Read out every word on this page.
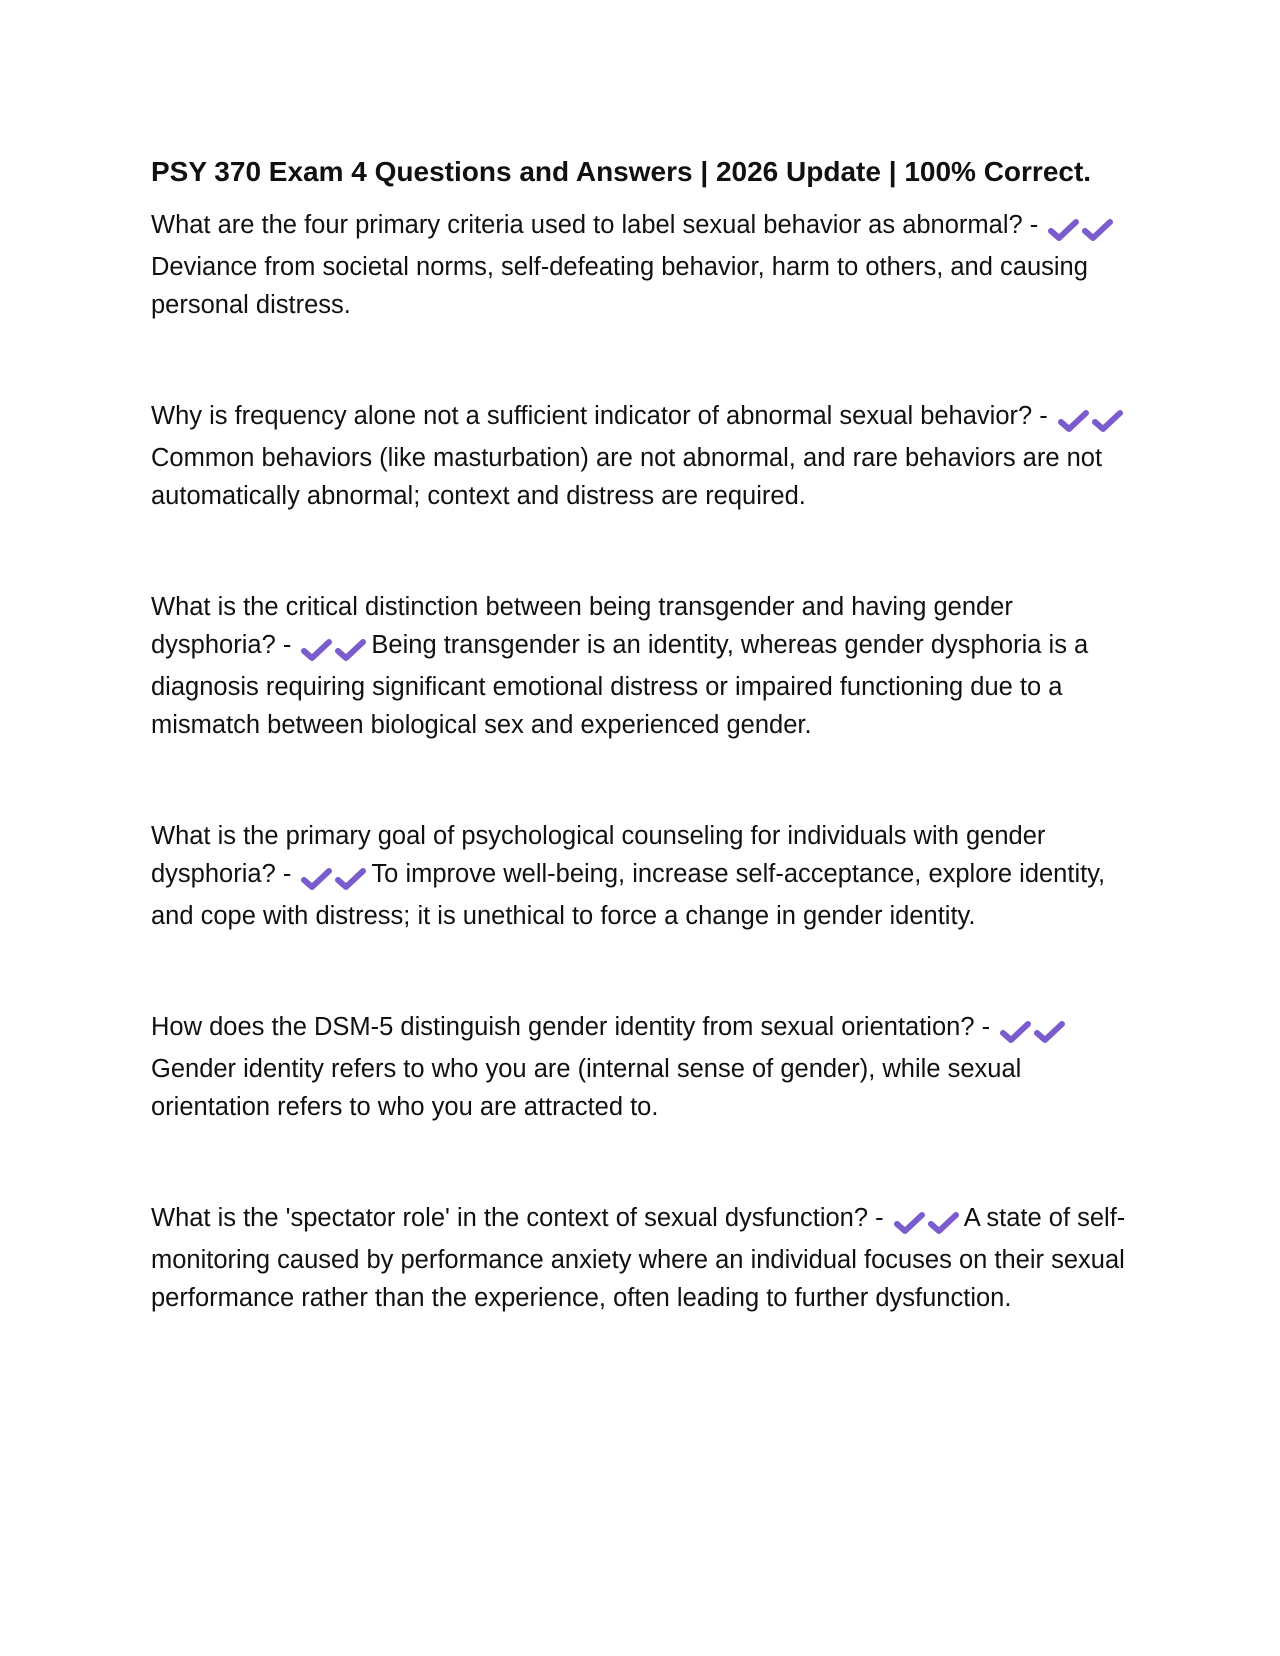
PSY 370 Exam 4 Questions and Answers | 2026 Update | 100% Correct.

What are the four primary criteria used to label sexual behavior as abnormal? -
Deviance from societal norms, self-defeating behavior, harm to others, and causing personal distress.

Why is frequency alone not a sufficient indicator of abnormal sexual behavior? -
Common behaviors (like masturbation) are not abnormal, and rare behaviors are not automatically abnormal; context and distress are required.

What is the critical distinction between being transgender and having gender dysphoria? -	Being transgender is an identity, whereas gender dysphoria is a diagnosis requiring significant emotional distress or impaired functioning due to a mismatch between biological sex and experienced gender.

What is the primary goal of psychological counseling for individuals with gender dysphoria? -	To improve well-being, increase self-acceptance, explore identity, and cope with distress; it is unethical to force a change in gender identity.

How does the DSM-5 distinguish gender identity from sexual orientation? -
Gender identity refers to who you are (internal sense of gender), while sexual orientation refers to who you are attracted to.

What is the 'spectator role' in the context of sexual dysfunction? -	A state of self-monitoring caused by performance anxiety where an individual focuses on their sexual performance rather than the experience, often leading to further dysfunction.
